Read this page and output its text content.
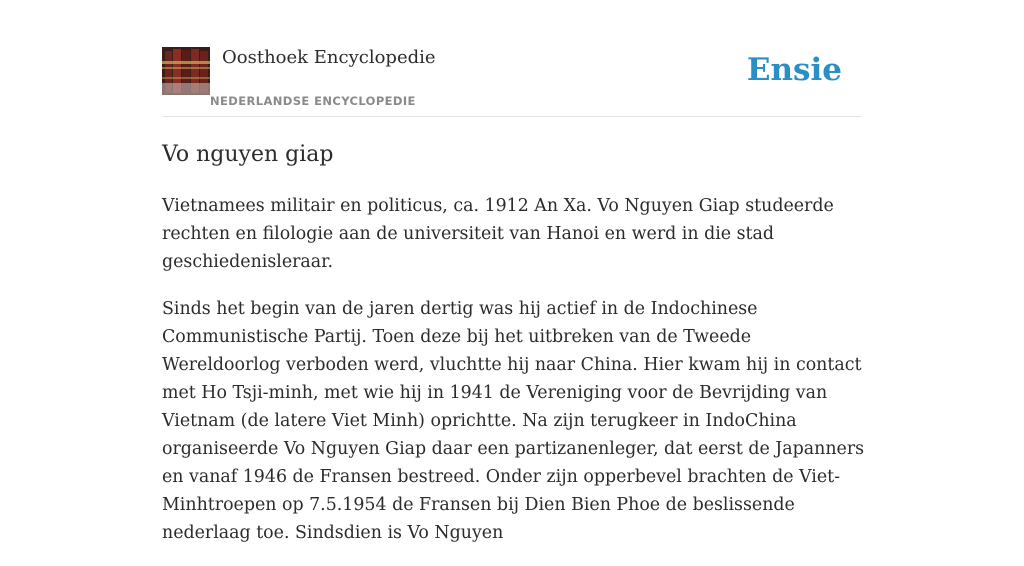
Oosthoek Encyclopedie
NEDERLANDSE ENCYCLOPEDIE
Ensie
Vo nguyen giap

Vietnamees militair en politicus, ca. 1912 An Xa. Vo Nguyen Giap studeerde rechten en filologie aan de universiteit van Hanoi en werd in die stad geschiedenisleraar.

Sinds het begin van de jaren dertig was hij actief in de Indochinese Communistische Partij. Toen deze bij het uitbreken van de Tweede Wereldoorlog verboden werd, vluchtte hij naar China. Hier kwam hij in contact met Ho Tsji-minh, met wie hij in 1941 de Vereniging voor de Bevrijding van Vietnam (de latere Viet Minh) oprichtte. Na zijn terugkeer in IndoChina organiseerde Vo Nguyen Giap daar een partizanenleger, dat eerst de Japanners en vanaf 1946 de Fransen bestreed. Onder zijn opperbevel brachten de Viet-Minhtroepen op 7.5.1954 de Fransen bij Dien Bien Phoe de beslissende nederlaag toe. Sindsdien is Vo Nguyen
